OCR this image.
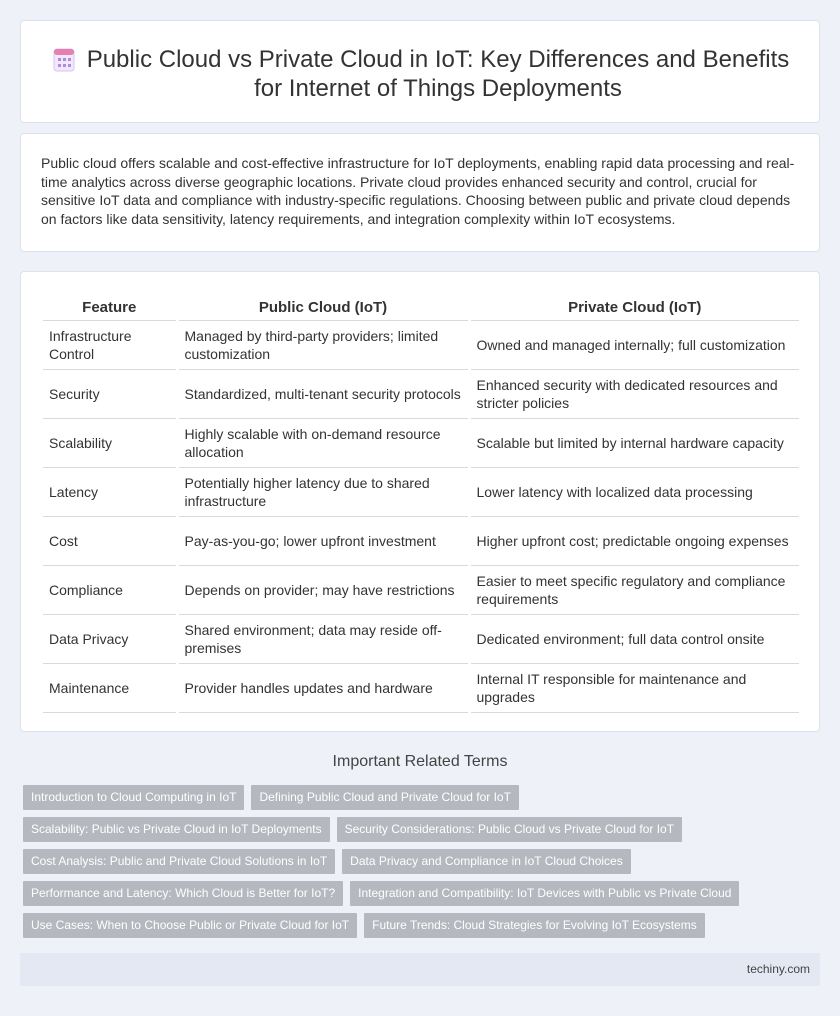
Public Cloud vs Private Cloud in IoT: Key Differences and Benefits for Internet of Things Deployments

Public cloud offers scalable and cost-effective infrastructure for IoT deployments, enabling rapid data processing and real-time analytics across diverse geographic locations. Private cloud provides enhanced security and control, crucial for sensitive IoT data and compliance with industry-specific regulations. Choosing between public and private cloud depends on factors like data sensitivity, latency requirements, and integration complexity within IoT ecosystems.

Feature	Public Cloud (IoT)	Private Cloud (IoT)
Infrastructure Control	Managed by third-party providers; limited customization	Owned and managed internally; full customization
Security	Standardized, multi-tenant security protocols	Enhanced security with dedicated resources and stricter policies
Scalability	Highly scalable with on-demand resource allocation	Scalable but limited by internal hardware capacity
Latency	Potentially higher latency due to shared infrastructure	Lower latency with localized data processing
Cost	Pay-as-you-go; lower upfront investment	Higher upfront cost; predictable ongoing expenses
Compliance	Depends on provider; may have restrictions	Easier to meet specific regulatory and compliance requirements
Data Privacy	Shared environment; data may reside off-premises	Dedicated environment; full data control onsite
Maintenance	Provider handles updates and hardware	Internal IT responsible for maintenance and upgrades
Important Related Terms
Introduction to Cloud Computing in IoT	Defining Public Cloud and Private Cloud for IoT
Scalability: Public vs Private Cloud in IoT Deployments	Security Considerations: Public Cloud vs Private Cloud for IoT
Cost Analysis: Public and Private Cloud Solutions in IoT	Data Privacy and Compliance in IoT Cloud Choices
Performance and Latency: Which Cloud is Better for IoT?	Integration and Compatibility: IoT Devices with Public vs Private Cloud
Use Cases: When to Choose Public or Private Cloud for IoT	Future Trends: Cloud Strategies for Evolving IoT Ecosystems
techiny.com
